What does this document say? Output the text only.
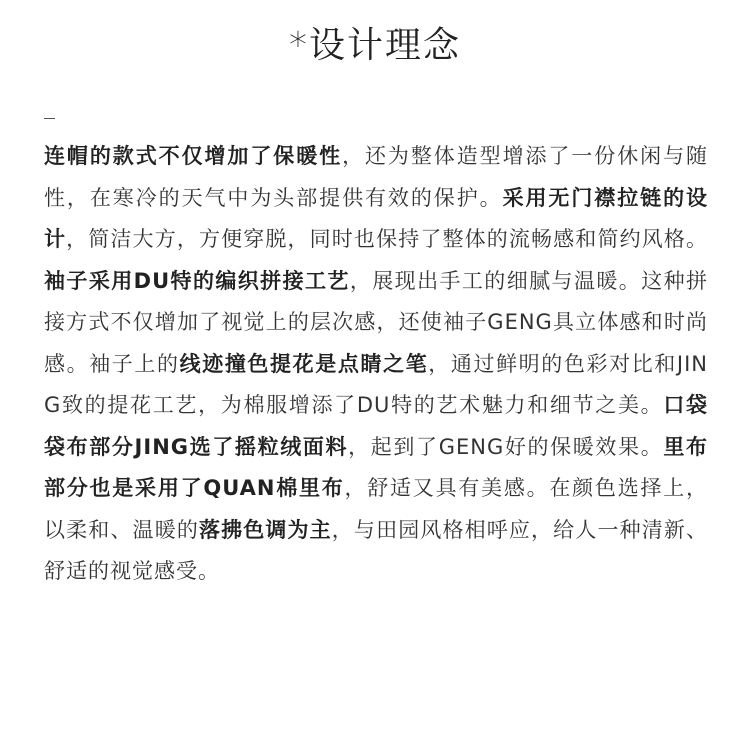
*设计理念
连帽的款式不仅增加了保暖性，还为整体造型增添了一份休闲与随性，在寒冷的天气中为头部提供有效的保护。采用无门襟拉链的设计，简洁大方，方便穿脱，同时也保持了整体的流畅感和简约风格。袖子采用DU特的编织拼接工艺，展现出手工的细腻与温暖。这种拼接方式不仅增加了视觉上的层次感，还使袖子GENG具立体感和时尚感。袖子上的线迹撞色提花是点睛之笔，通过鲜明的色彩对比和JING致的提花工艺，为棉服增添了DU特的艺术魅力和细节之美。口袋袋布部分JING选了摇粒绒面料，起到了GENG好的保暖效果。里布部分也是采用了QUAN棉里布，舒适又具有美感。在颜色选择上，以柔和、温暖的落拂色调为主，与田园风格相呼应，给人一种清新、舒适的视觉感受。
